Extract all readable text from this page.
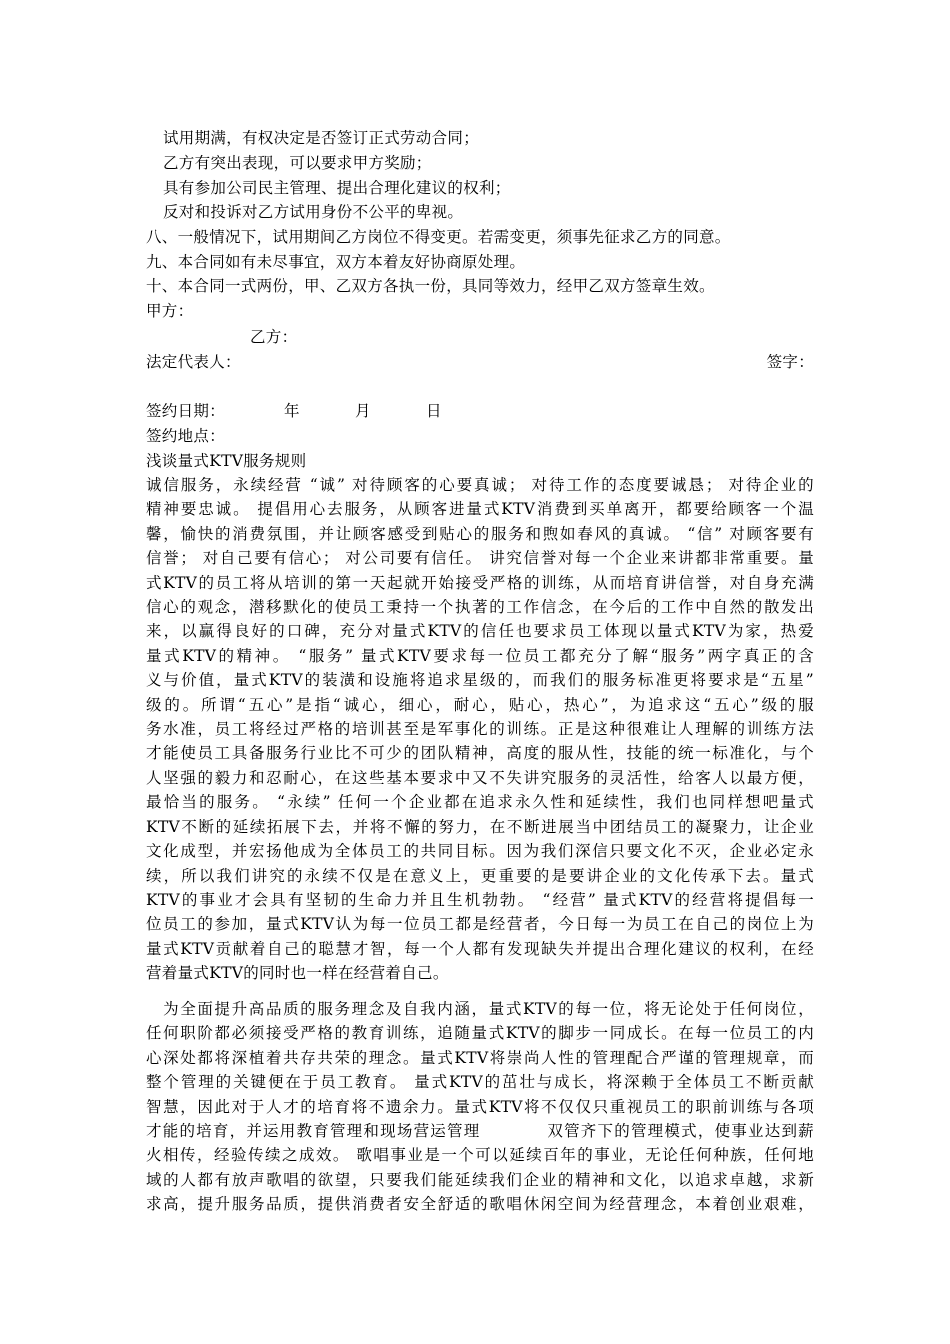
试用期满，有权决定是否签订正式劳动合同；
乙方有突出表现，可以要求甲方奖励；
具有参加公司民主管理、提出合理化建议的权利；
反对和投诉对乙方试用身份不公平的卑视。
八、一般情况下，试用期间乙方岗位不得变更。若需变更，须事先征求乙方的同意。
九、本合同如有未尽事宜，双方本着友好协商原处理。
十、本合同一式两份，甲、乙双方各执一份，具同等效力，经甲乙双方签章生效。
甲方：
乙方：
法定代表人：	签字：
签约日期：	年	月	日
签约地点：
浅谈量式KTV服务规则
诚信服务，永续经营 “诚” 对待顾客的心要真诚； 对待工作的态度要诚恳； 对待企业的
精神要忠诚。 提倡用心去服务，从顾客进量式KTV消费到买单离开，都要给顾客一个温
馨，愉快的消费氛围，并让顾客感受到贴心的服务和煦如春风的真诚。 “信” 对顾客要有
信誉； 对自己要有信心； 对公司要有信任。 讲究信誉对每一个企业来讲都非常重要。量
式KTV的员工将从培训的第一天起就开始接受严格的训练，从而培育讲信誉，对自身充满
信心的观念，潜移默化的使员工秉持一个执著的工作信念，在今后的工作中自然的散发出
来，以赢得良好的口碑，充分对量式KTV的信任也要求员工体现以量式KTV为家，热爱
量式KTV的精神。 “服务” 量式KTV要求每一位员工都充分了解“服务”两字真正的含
义与价值，量式KTV的装潢和设施将追求星级的，而我们的服务标准更将要求是“五星”
级的。所谓“五心”是指“诚心，细心，耐心，贴心，热心”，为追求这“五心”级的服
务水准，员工将经过严格的培训甚至是军事化的训练。正是这种很难让人理解的训练方法
才能使员工具备服务行业比不可少的团队精神，高度的服从性，技能的统一标准化，与个
人坚强的毅力和忍耐心，在这些基本要求中又不失讲究服务的灵活性，给客人以最方便，
最恰当的服务。 “永续” 任何一个企业都在追求永久性和延续性，我们也同样想吧量式
KTV不断的延续拓展下去，并将不懈的努力，在不断进展当中团结员工的凝聚力，让企业
文化成型，并宏扬他成为全体员工的共同目标。因为我们深信只要文化不灭，企业必定永
续，所以我们讲究的永续不仅是在意义上，更重要的是要讲企业的文化传承下去。量式
KTV的事业才会具有坚韧的生命力并且生机勃勃。 “经营” 量式KTV的经营将提倡每一
位员工的参加，量式KTV认为每一位员工都是经营者，今日每一为员工在自己的岗位上为
量式KTV贡献着自己的聪慧才智，每一个人都有发现缺失并提出合理化建议的权利，在经
营着量式KTV的同时也一样在经营着自己。
　为全面提升高品质的服务理念及自我内涵，量式KTV的每一位，将无论处于任何岗位，
任何职阶都必须接受严格的教育训练，追随量式KTV的脚步一同成长。在每一位员工的内
心深处都将深植着共存共荣的理念。量式KTV将崇尚人性的管理配合严谨的管理规章，而
整个管理的关键便在于员工教育。 量式KTV的茁壮与成长，将深赖于全体员工不断贡献
智慧，因此对于人才的培育将不遗余力。量式KTV将不仅仅只重视员工的职前训练与各项
才能的培育，并运用教育管理和现场营运管理　　　　双管齐下的管理模式，使事业达到薪
火相传，经验传续之成效。 歌唱事业是一个可以延续百年的事业，无论任何种族，任何地
域的人都有放声歌唱的欲望，只要我们能延续我们企业的精神和文化，以追求卓越，求新
求高，提升服务品质，提供消费者安全舒适的歌唱休闲空间为经营理念，本着创业艰难，
